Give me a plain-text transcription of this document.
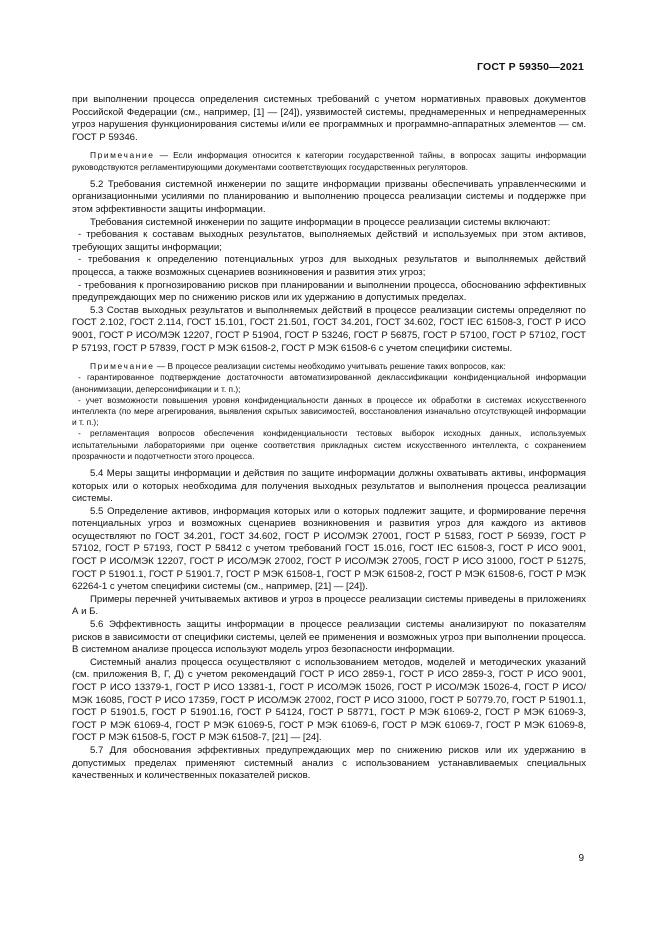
ГОСТ Р 59350—2021

при выполнении процесса определения системных требований с учетом нормативных правовых документов Российской Федерации (см., например, [1] — [24]), уязвимостей системы, преднамеренных и непреднамеренных угроз нарушения функционирования системы и/или ее программных и программно-аппаратных элементов — см. ГОСТ Р 59346.

Примечание — Если информация относится к категории государственной тайны, в вопросах защиты информации руководствуются регламентирующими документами соответствующих государственных регуляторов.

5.2 Требования системной инженерии по защите информации призваны обеспечивать управленческими и организационными усилиями по планированию и выполнению процесса реализации системы и поддержке при этом эффективности защиты информации.

Требования системной инженерии по защите информации в процессе реализации системы включают:

- требования к составам выходных результатов, выполняемых действий и используемых при этом активов, требующих защиты информации;

- требования к определению потенциальных угроз для выходных результатов и выполняемых действий процесса, а также возможных сценариев возникновения и развития этих угроз;

- требования к прогнозированию рисков при планировании и выполнении процесса, обоснованию эффективных предупреждающих мер по снижению рисков или их удержанию в допустимых пределах.

5.3 Состав выходных результатов и выполняемых действий в процессе реализации системы определяют по ГОСТ 2.102, ГОСТ 2.114, ГОСТ 15.101, ГОСТ 21.501, ГОСТ 34.201, ГОСТ 34.602, ГОСТ IEC 61508-3, ГОСТ Р ИСО 9001, ГОСТ Р ИСО/МЭК 12207, ГОСТ Р 51904, ГОСТ Р 53246, ГОСТ Р 56875, ГОСТ Р 57100, ГОСТ Р 57102, ГОСТ Р 57193, ГОСТ Р 57839, ГОСТ Р МЭК 61508-2, ГОСТ Р МЭК 61508-6 с учетом специфики системы.

Примечание — В процессе реализации системы необходимо учитывать решение таких вопросов, как:

- гарантированное подтверждение достаточности автоматизированной деклассификации конфиденциальной информации (анонимизации, деперсонификации и т. п.);

- учет возможности повышения уровня конфиденциальности данных в процессе их обработки в системах искусственного интеллекта (по мере агрегирования, выявления скрытых зависимостей, восстановления изначально отсутствующей информации и т. п.);

- регламентация вопросов обеспечения конфиденциальности тестовых выборок исходных данных, используемых испытательными лабораториями при оценке соответствия прикладных систем искусственного интеллекта, с сохранением прозрачности и подотчетности этого процесса.

5.4 Меры защиты информации и действия по защите информации должны охватывать активы, информация которых или о которых необходима для получения выходных результатов и выполнения процесса реализации системы.

5.5 Определение активов, информация которых или о которых подлежит защите, и формирование перечня потенциальных угроз и возможных сценариев возникновения и развития угроз для каждого из активов осуществляют по ГОСТ 34.201, ГОСТ 34.602, ГОСТ Р ИСО/МЭК 27001, ГОСТ Р 51583, ГОСТ Р 56939, ГОСТ Р 57102, ГОСТ Р 57193, ГОСТ Р 58412 с учетом требований ГОСТ 15.016, ГОСТ IEC 61508-3, ГОСТ Р ИСО 9001, ГОСТ Р ИСО/МЭК 12207, ГОСТ Р ИСО/МЭК 27002, ГОСТ Р ИСО/МЭК 27005, ГОСТ Р ИСО 31000, ГОСТ Р 51275, ГОСТ Р 51901.1, ГОСТ Р 51901.7, ГОСТ Р МЭК 61508-1, ГОСТ Р МЭК 61508-2, ГОСТ Р МЭК 61508-6, ГОСТ Р МЭК 62264-1 с учетом специфики системы (см., например, [21] — [24]).

Примеры перечней учитываемых активов и угроз в процессе реализации системы приведены в приложениях А и Б.

5.6 Эффективность защиты информации в процессе реализации системы анализируют по показателям рисков в зависимости от специфики системы, целей ее применения и возможных угроз при выполнении процесса. В системном анализе процесса используют модель угроз безопасности информации.

Системный анализ процесса осуществляют с использованием методов, моделей и методических указаний (см. приложения В, Г, Д) с учетом рекомендаций ГОСТ Р ИСО 2859-1, ГОСТ Р ИСО 2859-3, ГОСТ Р ИСО 9001, ГОСТ Р ИСО 13379-1, ГОСТ Р ИСО 13381-1, ГОСТ Р ИСО/МЭК 15026, ГОСТ Р ИСО/МЭК 15026-4, ГОСТ Р ИСО/МЭК 16085, ГОСТ Р ИСО 17359, ГОСТ Р ИСО/МЭК 27002, ГОСТ Р ИСО 31000, ГОСТ Р 50779.70, ГОСТ Р 51901.1, ГОСТ Р 51901.5, ГОСТ Р 51901.16, ГОСТ Р 54124, ГОСТ Р 58771, ГОСТ Р МЭК 61069-2, ГОСТ Р МЭК 61069-3, ГОСТ Р МЭК 61069-4, ГОСТ Р МЭК 61069-5, ГОСТ Р МЭК 61069-6, ГОСТ Р МЭК 61069-7, ГОСТ Р МЭК 61069-8, ГОСТ Р МЭК 61508-5, ГОСТ Р МЭК 61508-7, [21] — [24].

5.7 Для обоснования эффективных предупреждающих мер по снижению рисков или их удержанию в допустимых пределах применяют системный анализ с использованием устанавливаемых специальных качественных и количественных показателей рисков.

9
